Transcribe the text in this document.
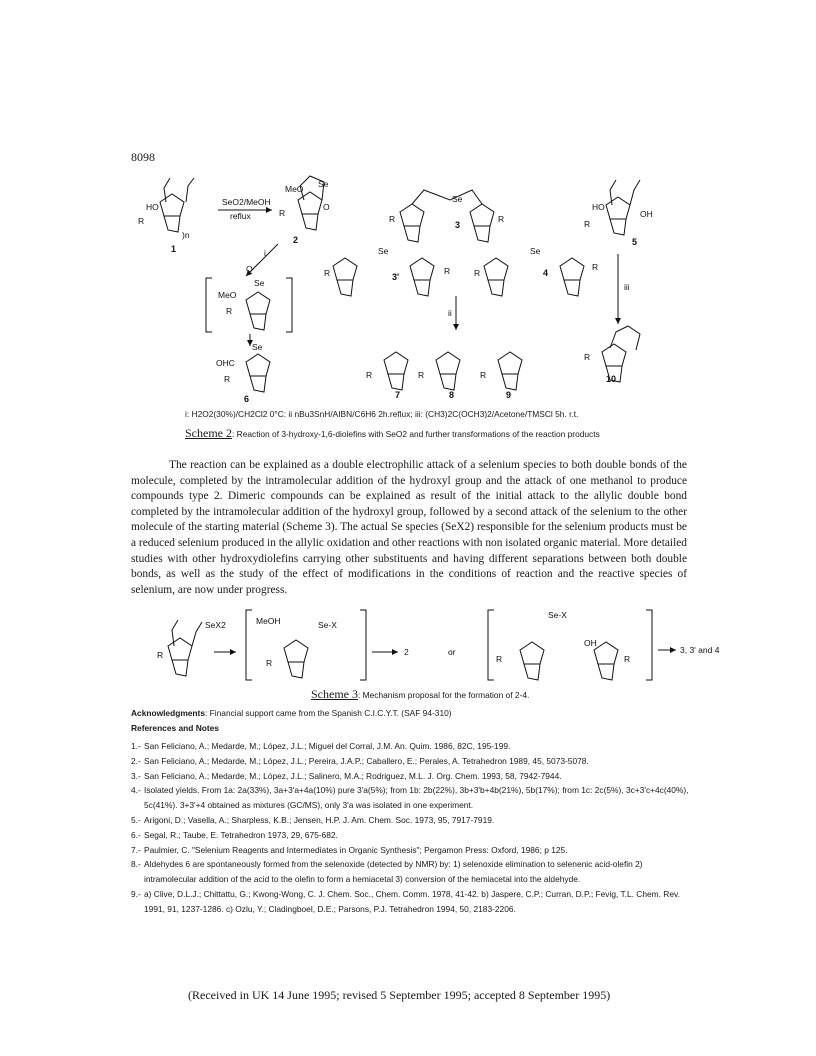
8098
HO
R
)n
1
SeO2/MeOH
reflux
MeO Se
O
R
2
Se
R	R
3
HO
R
OH
5
i
O
Se
MeO
R
Se
OHC
R
6
Se
R	R
3'
Se
R
R
4
ii
iii
R
7
R
8
R
9
R
10
SeX2
R
MeOH	Se-X
R
2	or
Se-X
OH
R	R
3, 3' and 4
i: H2O2(30%)/CH2Cl2 0°C: ii nBu3SnH/AIBN/C6H6 2h.reflux; iii: (CH3)2C(OCH3)2/Acetone/TMSCl 5h. r.t.
Scheme 2: Reaction of 3-hydroxy-1,6-diolefins with SeO2 and further transformations of the reaction products

The reaction can be explained as a double electrophilic attack of a selenium species to both double bonds of the molecule, completed by the intramolecular addition of the hydroxyl group and the attack of one methanol to produce compounds type 2. Dimeric compounds can be explained as result of the initial attack to the allylic double bond completed by the intramolecular addition of the hydroxyl group, followed by a second attack of the selenium to the other molecule of the starting material (Scheme 3). The actual Se species (SeX2) responsible for the selenium products must be a reduced selenium produced in the allylic oxidation and other reactions with non isolated organic material. More detailed studies with other hydroxydiolefins carrying other substituents and having different separations between both double bonds, as well as the study of the effect of modifications in the conditions of reaction and the reactive species of selenium, are now under progress.

Scheme 3: Mechanism proposal for the formation of 2-4.
Acknowledgments: Financial support came from the Spanish C.I.C.Y.T. (SAF 94-310)
References and Notes
1.- San Feliciano, A.; Medarde, M.; López, J.L.; Miguel del Corral, J.M. An. Quim. 1986, 82C, 195-199.
2.- San Feliciano, A.; Medarde, M.; López, J.L.; Pereira, J.A.P.; Caballero, E.; Perales, A. Tetrahedron 1989, 45, 5073-5078.
3.- San Feliciano, A.; Medarde, M.; López, J.L.; Salinero, M.A.; Rodriguez, M.L. J. Org. Chem. 1993, 58, 7942-7944.
4.- Isolated yields. From 1a: 2a(33%), 3a+3'a+4a(10%) pure 3'a(5%); from 1b: 2b(22%), 3b+3'b+4b(21%), 5b(17%); from 1c: 2c(5%), 3c+3'c+4c(40%), 5c(41%). 3+3'+4 obtained as mixtures (GC/MS), only 3'a was isolated in one experiment.
5.- Arigoni, D.; Vasella, A.; Sharpless, K.B.; Jensen, H.P. J. Am. Chem. Soc. 1973, 95, 7917-7919.
6.- Segal, R.; Taube, E. Tetrahedron 1973, 29, 675-682.
7.- Paulmier, C. "Selenium Reagents and Intermediates in Organic Synthesis"; Pergamon Press: Oxford, 1986; p 125.
8.- Aldehydes 6 are spontaneously formed from the selenoxide (detected by NMR) by: 1) selenoxide elimination to selenenic acid-olefin 2) intramolecular addition of the acid to the olefin to form a hemiacetal 3) conversion of the hemiacetal into the aldehyde.
9.- a) Clive, D.L.J.; Chittattu, G.; Kwong-Wong, C. J. Chem. Soc., Chem. Comm. 1978, 41-42. b) Jaspere, C.P.; Curran, D.P.; Fevig, T.L. Chem. Rev. 1991, 91, 1237-1286. c) Ozlu, Y.; Cladingboel, D.E.; Parsons, P.J. Tetrahedron 1994, 50, 2183-2206.
(Received in UK 14 June 1995; revised 5 September 1995; accepted 8 September 1995)
